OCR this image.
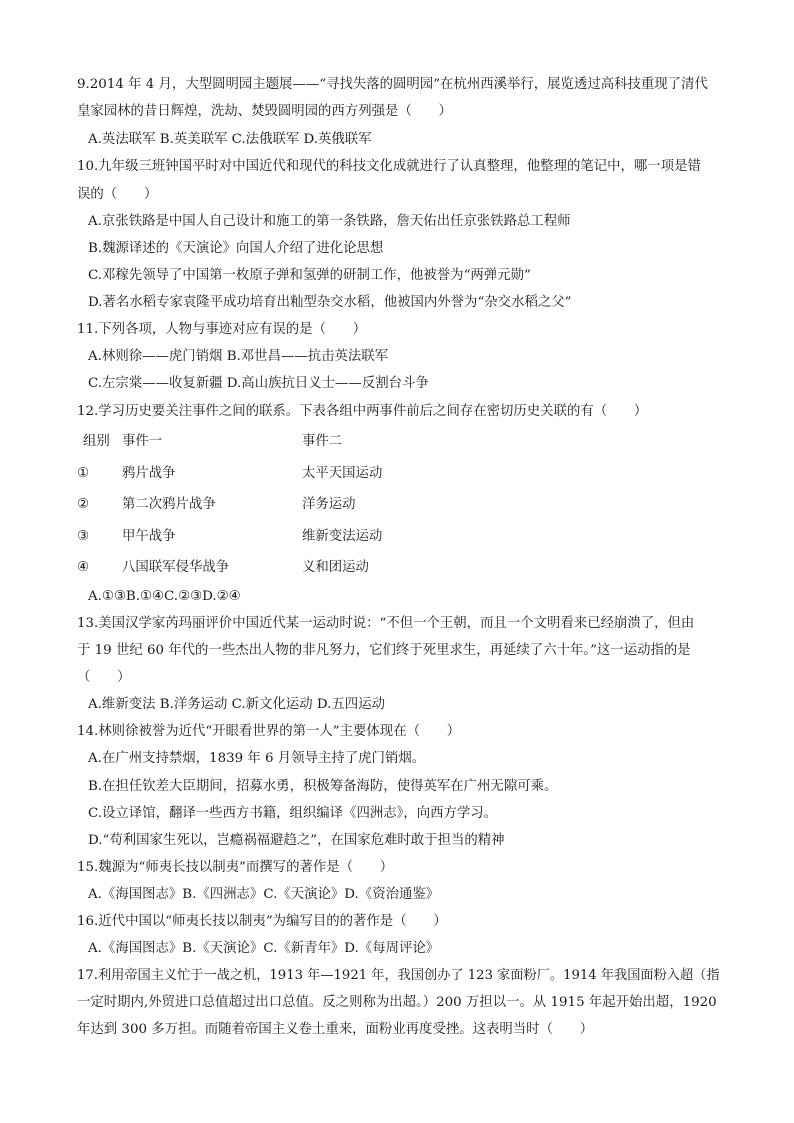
9.2014 年 4 月，大型圆明园主题展——“寻找失落的圆明园”在杭州西溪举行，展览透过高科技重现了清代
皇家园林的昔日辉煌，洗劫、焚毁圆明园的西方列强是（　　）
A.英法联军 B.英美联军 C.法俄联军 D.英俄联军
10.九年级三班钟国平时对中国近代和现代的科技文化成就进行了认真整理，他整理的笔记中，哪一项是错
误的（　　）
A.京张铁路是中国人自己设计和施工的第一条铁路，詹天佑出任京张铁路总工程师
B.魏源译述的《天演论》向国人介绍了进化论思想
C.邓稼先领导了中国第一枚原子弹和氢弹的研制工作，他被誉为“两弹元勋”
D.著名水稻专家袁隆平成功培育出籼型杂交水稻，他被国内外誉为“杂交水稻之父”
11.下列各项，人物与事迹对应有误的是（　　）
A.林则徐——虎门销烟 B.邓世昌——抗击英法联军
C.左宗棠——收复新疆 D.高山族抗日义士——反割台斗争
12.学习历史要关注事件之间的联系。下表各组中两事件前后之间存在密切历史关联的有（　　）
组别 事件一	事件二
① 鸦片战争	太平天国运动
② 第二次鸦片战争	洋务运动
③ 甲午战争	维新变法运动
④ 八国联军侵华战争	义和团运动
A.①③B.①④C.②③D.②④
13.美国汉学家芮玛丽评价中国近代某一运动时说：“不但一个王朝，而且一个文明看来已经崩溃了，但由
于 19 世纪 60 年代的一些杰出人物的非凡努力，它们终于死里求生，再延续了六十年。”这一运动指的是
（　　）
A.维新变法 B.洋务运动 C.新文化运动 D.五四运动
14.林则徐被誉为近代“开眼看世界的第一人”主要体现在（　　）
A.在广州支持禁烟，1839 年 6 月领导主持了虎门销烟。
B.在担任钦差大臣期间，招募水勇，积极筹备海防，使得英军在广州无隙可乘。
C.设立译馆，翻译一些西方书籍，组织编译《四洲志》，向西方学习。
D.“苟利国家生死以，岂瘾祸福避趋之”，在国家危难时敢于担当的精神
15.魏源为“师夷长技以制夷”而撰写的著作是（　　）
A.《海国图志》B.《四洲志》C.《天演论》D.《资治通鉴》
16.近代中国以“师夷长技以制夷”为编写目的的著作是（　　）
A.《海国图志》B.《天演论》C.《新青年》D.《每周评论》
17.利用帝国主义忙于一战之机，1913 年—1921 年，我国创办了 123 家面粉厂。1914 年我国面粉入超（指
一定时期内,外贸进口总值超过出口总值。反之则称为出超。）200 万担以一。从 1915 年起开始出超，1920
年达到 300 多万担。而随着帝国主义卷土重来，面粉业再度受挫。这表明当时（　　）
